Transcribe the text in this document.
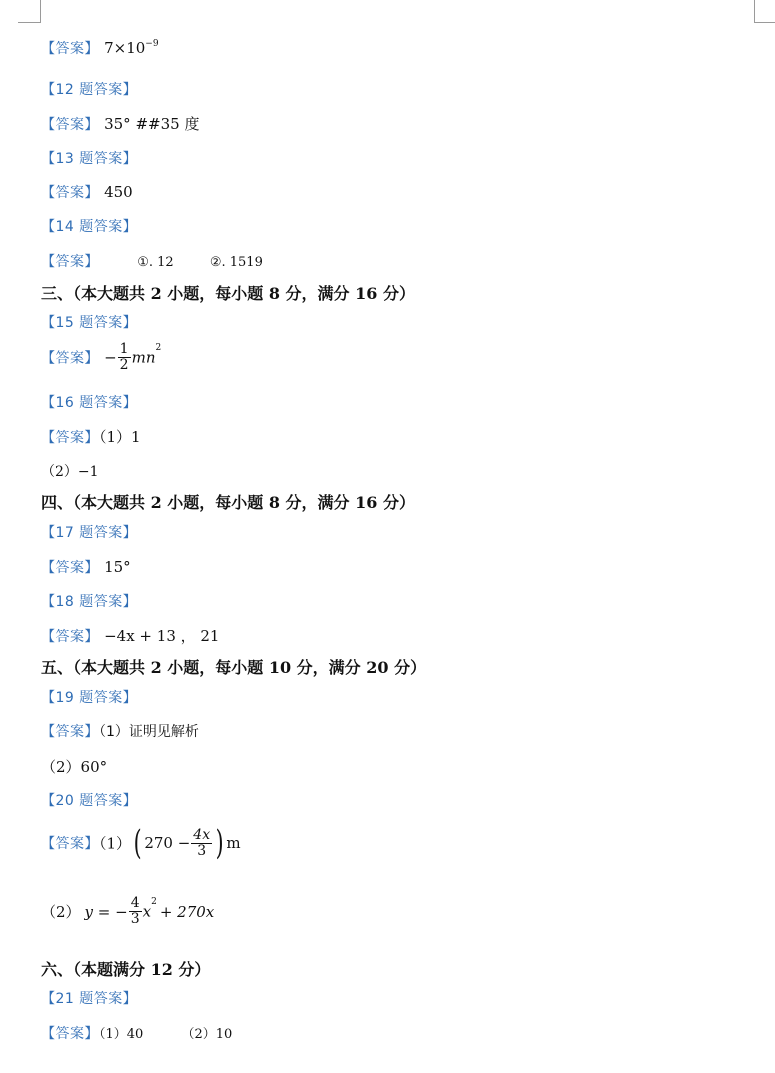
【答案】 $7\times 10^{-9}$
【12 题答案】
【答案】 35° ##35 度
【13 题答案】
【答案】 450
【14 题答案】
【答案】	①. 12	②. 1519
三、（本大题共 2 小题，每小题 8 分，满分 16 分）
【15 题答案】
【答案】 − $\frac{1}{2} mn^2$
【16 题答案】
【答案】（1）1
（2）−1
四、（本大题共 2 小题，每小题 8 分，满分 16 分）
【17 题答案】
【答案】 15°
【18 题答案】
【答案】 −4x + 13 ， 21
五、（本大题共 2 小题，每小题 10 分，满分 20 分）
【19 题答案】
【答案】（1）证明见解析
（2）60°
【20 题答案】
【答案】（1）( $270 - \frac{4x}{3}$ ) m
（2） y = − $\frac{4}{3} x^2+ 270x$
六、（本题满分 12 分）
【21 题答案】
【答案】（1）40	（2）10
